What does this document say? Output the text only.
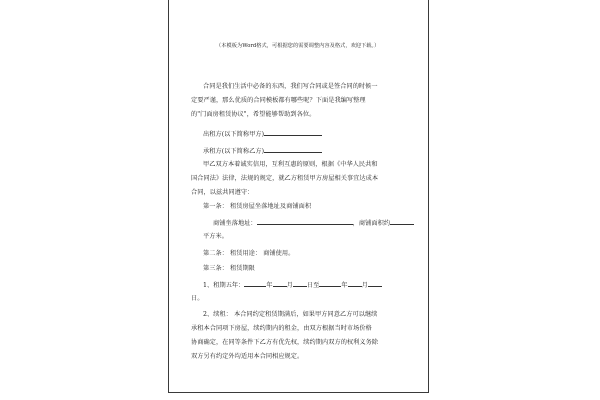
（本模板为Word格式，可根据您的需要调整内容及格式，欢迎下载。）
合同是我们生活中必备的东西，我们写合同或是签合同的时候一
定要严谨，那么优质的合同模板都有哪些呢？下面是我编写整理
的"门面房租赁协议"，希望能够帮助到各位。
出租方(以下简称甲方)
承租方(以下简称乙方)
甲乙双方本着诚实信用，互利互惠的原则，根据《中华人民共和
国合同法》法律，法规的规定，就乙方租赁甲方房屋相关事宜达成本
合同，以兹共同遵守：
第一条： 租赁房屋坐落地址及商铺面积
商铺坐落地址：	，商铺面积约
平方米。
第二条： 租赁用途： 商铺使用。
第三条： 租赁期限
1、租期五年：	年 月 日至	年 月
日。
2、续租： 本合同约定租赁期满后，如果甲方同意乙方可以继续
承租本合同项下房屋，续约期内的租金，由双方根据当时市场价格
协商确定，在同等条件下乙方有优先权，续约期内双方的权利义务除
双方另有约定外均适用本合同相应规定。
